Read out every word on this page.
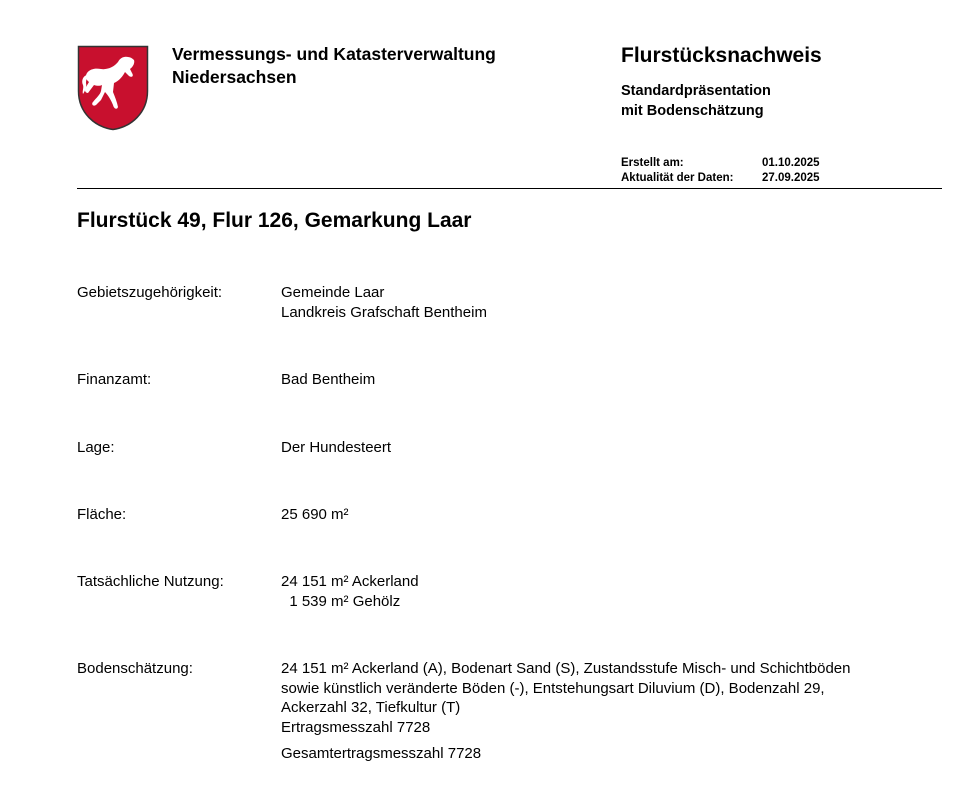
Vermessungs- und Katasterverwaltung
Niedersachsen
Flurstücksnachweis
Standardpräsentation
mit Bodenschätzung
Erstellt am:	01.10.2025
Aktualität der Daten:	27.09.2025
Flurstück 49, Flur 126, Gemarkung Laar
Gebietszugehörigkeit:	Gemeinde Laar
Landkreis Grafschaft Bentheim
Finanzamt:	Bad Bentheim
Lage:	Der Hundesteert
Fläche:	25 690 m²
Tatsächliche Nutzung:	24 151 m² Ackerland
1 539 m² Gehölz
Bodenschätzung:	24 151 m² Ackerland (A), Bodenart Sand (S), Zustandsstufe Misch- und Schichtböden
sowie künstlich veränderte Böden (-), Entstehungsart Diluvium (D), Bodenzahl 29,
Ackerzahl 32, Tiefkultur (T)
Ertragsmesszahl 7728
Gesamtertragsmesszahl 7728
